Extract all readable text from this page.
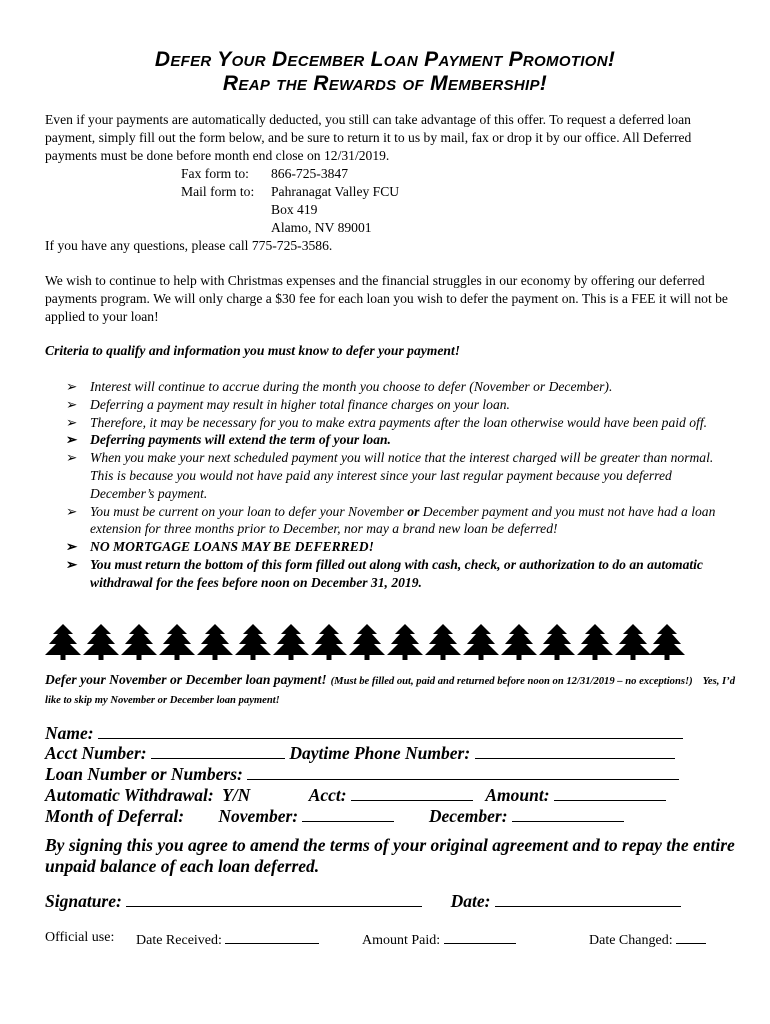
Defer Your December Loan Payment Promotion!
Reap the Rewards of Membership!
Even if your payments are automatically deducted, you still can take advantage of this offer. To request a deferred loan payment, simply fill out the form below, and be sure to return it to us by mail, fax or drop it by our office. All Deferred payments must be done before month end close on 12/31/2019.
Fax form to: 866-725-3847
Mail form to: Pahranagat Valley FCU
Box 419
Alamo, NV 89001
If you have any questions, please call 775-725-3586.
We wish to continue to help with Christmas expenses and the financial struggles in our economy by offering our deferred payments program. We will only charge a $30 fee for each loan you wish to defer the payment on. This is a FEE it will not be applied to your loan!
Criteria to qualify and information you must know to defer your payment!
➢ Interest will continue to accrue during the month you choose to defer (November or December).
➢ Deferring a payment may result in higher total finance charges on your loan.
➢ Therefore, it may be necessary for you to make extra payments after the loan otherwise would have been paid off.
➢ Deferring payments will extend the term of your loan.
➢ When you make your next scheduled payment you will notice that the interest charged will be greater than normal. This is because you would not have paid any interest since your last regular payment because you deferred December’s payment.
➢ You must be current on your loan to defer your November or December payment and you must not have had a loan extension for three months prior to December, nor may a brand new loan be deferred!
➢ NO MORTGAGE LOANS MAY BE DEFERRED!
➢ You must return the bottom of this form filled out along with cash, check, or authorization to do an automatic withdrawal for the fees before noon on December 31, 2019.
Defer your November or December loan payment! (Must be filled out, paid and returned before noon on 12/31/2019 – no exceptions!) Yes, I’d like to skip my November or December loan payment!
Name:
Acct Number:	Daytime Phone Number:
Loan Number or Numbers:
Automatic Withdrawal: Y/N	Acct:	Amount:
Month of Deferral: November:	December:
By signing this you agree to amend the terms of your original agreement and to repay the entire unpaid balance of each loan deferred.
Signature:	Date:
Official use: Date Received:	Amount Paid:	Date Changed:
